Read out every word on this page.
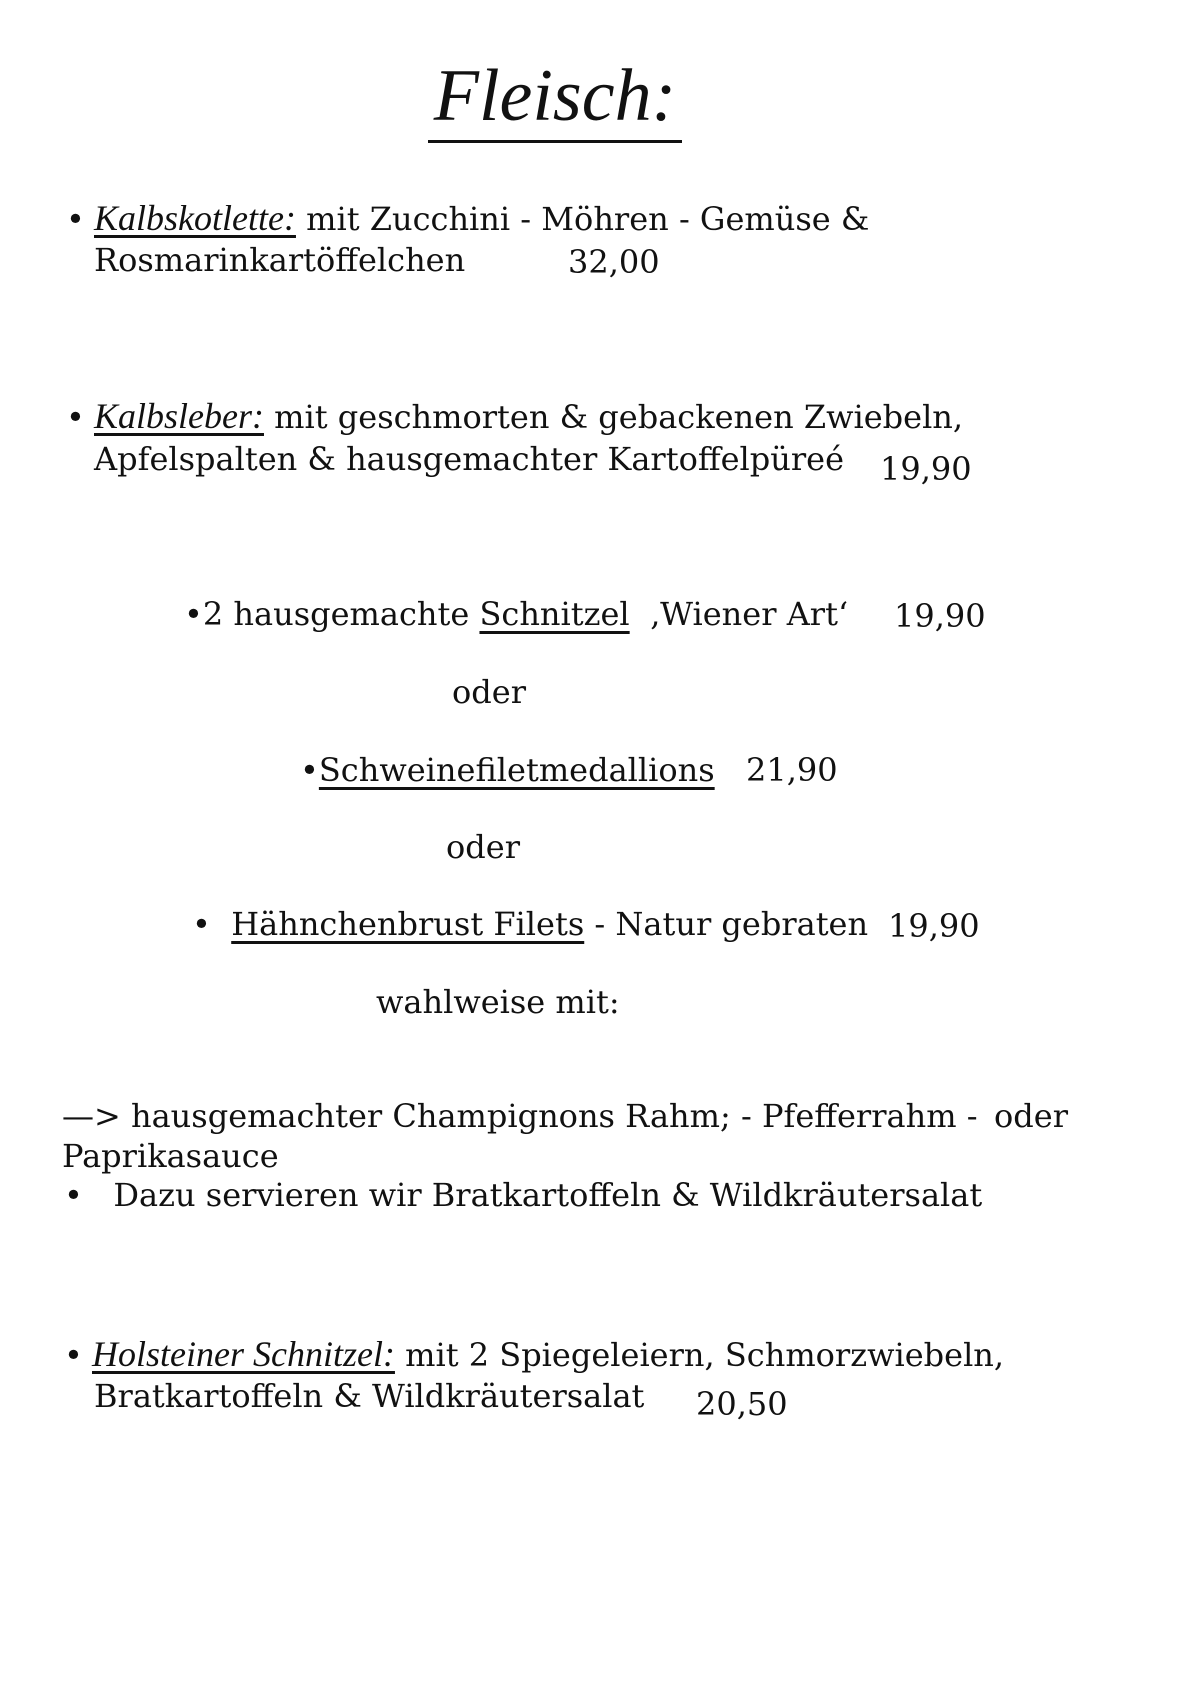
Fleisch:
• Kalbskotlette: mit Zucchini - Möhren - Gemüse &
Rosmarinkartöffelchen	32,00
• Kalbsleber: mit geschmorten & gebackenen Zwiebeln,
Apfelspalten & hausgemachter Kartoffelpüreé 19,90
•2 hausgemachte Schnitzel ‚Wiener Art‘ 19,90
oder
•Schweinefiletmedallions 21,90
oder
• Hähnchenbrust Filets - Natur gebraten 19,90
wahlweise mit:
—> hausgemachter Champignons Rahm; - Pfefferrahm - oder
Paprikasauce
• Dazu servieren wir Bratkartoffeln & Wildkräutersalat
• Holsteiner Schnitzel: mit 2 Spiegeleiern, Schmorzwiebeln,
Bratkartoffeln & Wildkräutersalat 20,50
